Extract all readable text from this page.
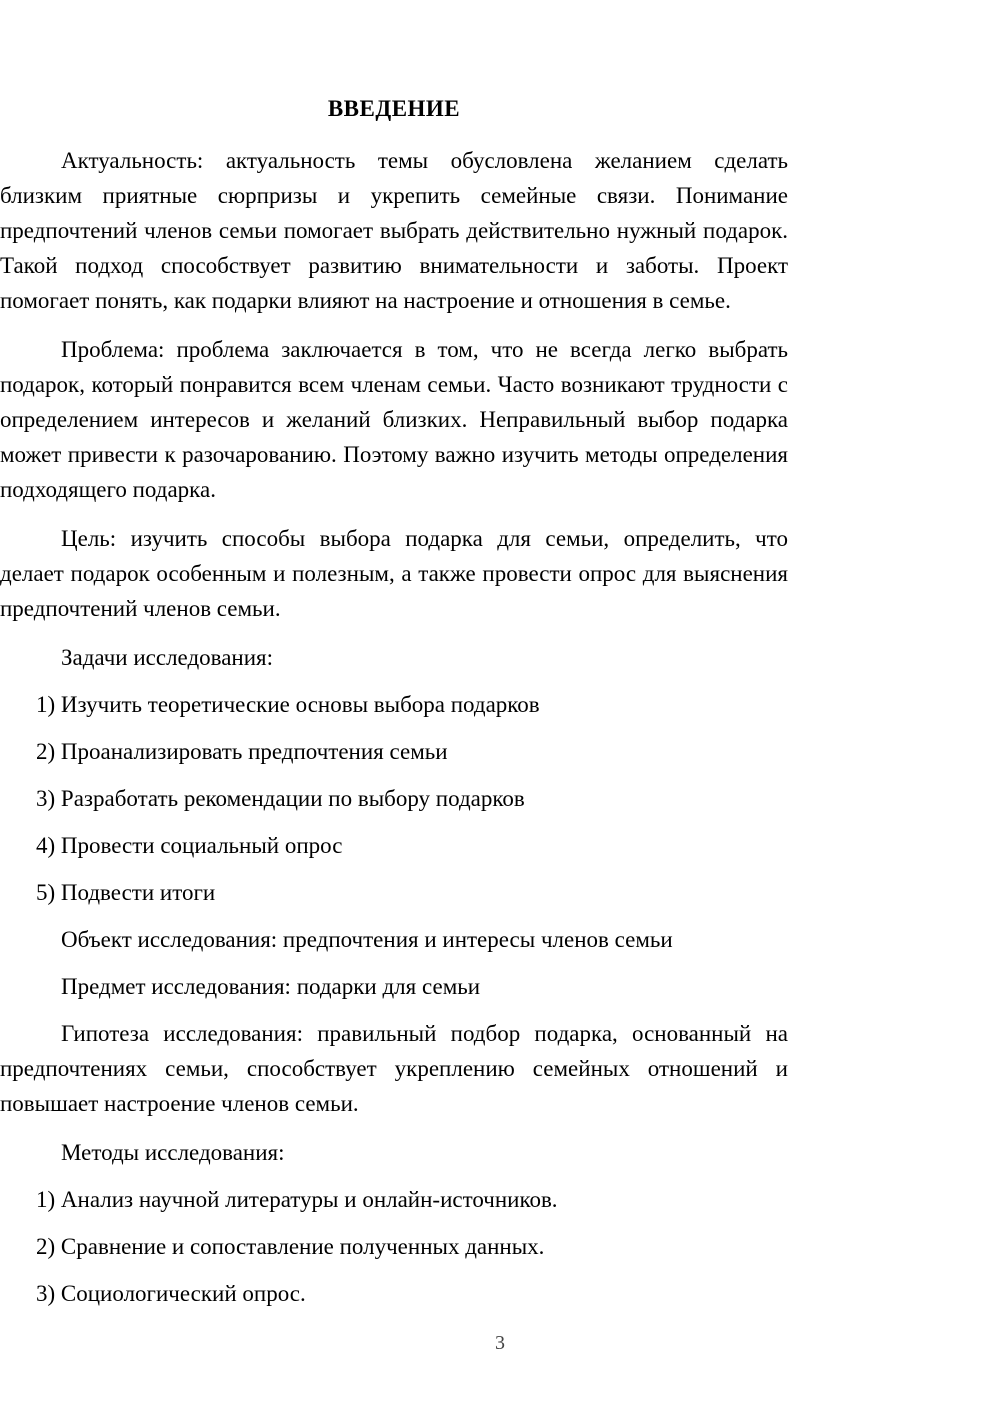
ВВЕДЕНИЕ

Актуальность: актуальность темы обусловлена желанием сделать близким приятные сюрпризы и укрепить семейные связи. Понимание предпочтений членов семьи помогает выбрать действительно нужный подарок. Такой подход способствует развитию внимательности и заботы. Проект помогает понять, как подарки влияют на настроение и отношения в семье.

Проблема: проблема заключается в том, что не всегда легко выбрать подарок, который понравится всем членам семьи. Часто возникают трудности с определением интересов и желаний близких. Неправильный выбор подарка может привести к разочарованию. Поэтому важно изучить методы определения подходящего подарка.

Цель: изучить способы выбора подарка для семьи, определить, что делает подарок особенным и полезным, а также провести опрос для выяснения предпочтений членов семьи.

Задачи исследования:

1) Изучить теоретические основы выбора подарков

2) Проанализировать предпочтения семьи

3) Разработать рекомендации по выбору подарков

4) Провести социальный опрос

5) Подвести итоги

Объект исследования: предпочтения и интересы членов семьи

Предмет исследования: подарки для семьи

Гипотеза исследования: правильный подбор подарка, основанный на предпочтениях семьи, способствует укреплению семейных отношений и повышает настроение членов семьи.

Методы исследования:

1) Анализ научной литературы и онлайн-источников.

2) Сравнение и сопоставление полученных данных.

3) Социологический опрос.

3
